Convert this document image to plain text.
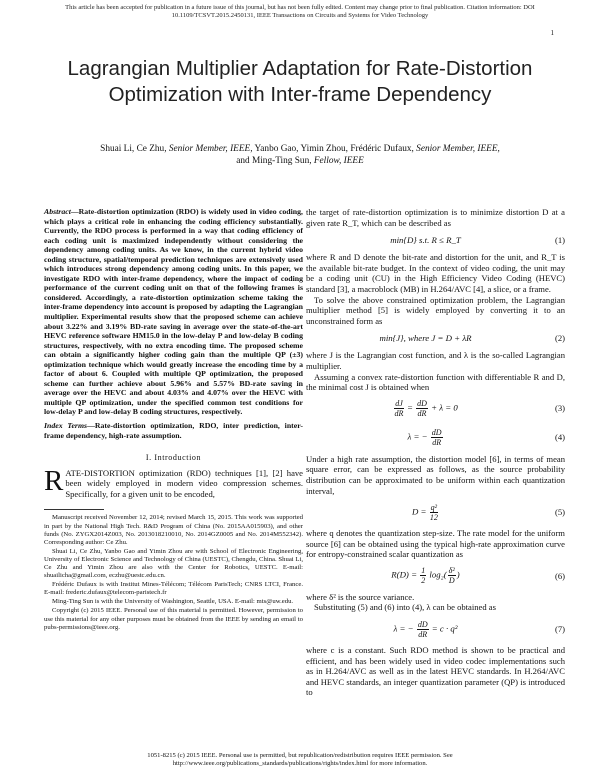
This article has been accepted for publication in a future issue of this journal, but has not been fully edited. Content may change prior to final publication. Citation information: DOI
10.1109/TCSVT.2015.2450131, IEEE Transactions on Circuits and Systems for Video Technology
1
Lagrangian Multiplier Adaptation for Rate-Distortion Optimization with Inter-frame Dependency
Shuai Li, Ce Zhu, Senior Member, IEEE, Yanbo Gao, Yimin Zhou, Frédéric Dufaux, Senior Member, IEEE,
and Ming-Ting Sun, Fellow, IEEE
Abstract—Rate-distortion optimization (RDO) is widely used in video coding, which plays a critical role in enhancing the coding efficiency substantially. Currently, the RDO process is performed in a way that coding efficiency of each coding unit is maximized independently without considering the dependency among coding units. As we know, in the current hybrid video coding structure, spatial/temporal prediction techniques are extensively used which introduces strong dependency among coding units. In this paper, we investigate RDO with inter-frame dependency, where the impact of coding performance of the current coding unit on that of the following frames is considered. Accordingly, a rate-distortion optimization scheme taking the inter-frame dependency into account is proposed by adapting the Lagrangian multiplier. Experimental results show that the proposed scheme can achieve about 3.22% and 3.19% BD-rate saving in average over the state-of-the-art HEVC reference software HM15.0 in the low-delay P and low-delay B coding structures, respectively, with no extra encoding time. The proposed scheme can obtain a significantly higher coding gain than the multiple QP (±3) optimization technique which would greatly increase the encoding time by a factor of about 6. Coupled with multiple QP optimization, the proposed scheme can further achieve about 5.96% and 5.57% BD-rate saving in average over the HEVC and about 4.03% and 4.07% over the HEVC with multiple QP optimization, under the specified common test conditions for low-delay P and low-delay B coding structures, respectively.
Index Terms—Rate-distortion optimization, RDO, inter prediction, inter-frame dependency, high-rate assumption.
I. Introduction
RATE-DISTORTION optimization (RDO) techniques [1], [2] have been widely employed in modern video compression schemes. Specifically, for a given unit to be encoded,

Manuscript received November 12, 2014; revised March 15, 2015. This work was supported in part by the National High Tech. R&D Program of China (No. 2015AA015903), and other funds (No. ZYGX2014Z003, No. 2013018210010, No. 2014GZ0005 and No. 2014M552342). Corresponding author: Ce Zhu.

Shuai Li, Ce Zhu, Yanbo Gao and Yimin Zhou are with School of Electronic Engineering, University of Electronic Science and Technology of China (UESTC), Chengdu, China. Shuai Li, Ce Zhu and Yimin Zhou are also with the Center for Robotics, UESTC. E-mail: shuailicha@gmail.com, eczhu@uestc.edu.cn.

Frédéric Dufaux is with Institut Mines-Télécom; Télécom ParisTech; CNRS LTCI, France. E-mail: frederic.dufaux@telecom-paristech.fr

Ming-Ting Sun is with the University of Washington, Seattle, USA. E-mail: mts@uw.edu.

Copyright (c) 2015 IEEE. Personal use of this material is permitted. However, permission to use this material for any other purposes must be obtained from the IEEE by sending an email to pubs-permissions@ieee.org.

the target of rate-distortion optimization is to minimize distortion D at a given rate R_T, which can be described as

min{D} s.t. R ≤ R_T	(1)

where R and D denote the bit-rate and distortion for the unit, and R_T is the available bit-rate budget. In the context of video coding, the unit may be a coding unit (CU) in the High Efficiency Video Coding (HEVC) standard [3], a macroblock (MB) in H.264/AVC [4], a slice, or a frame.

To solve the above constrained optimization problem, the Lagrangian multiplier method [5] is widely employed by converting it to an unconstrained form as

min{J}, where J = D + λR	(2)

where J is the Lagrangian cost function, and λ is the so-called Lagrangian multiplier.

Assuming a convex rate-distortion function with differentiable R and D, the minimal cost J is obtained when

$\frac{dJ}{dR} = \frac{dD}{dR} + \lambda = 0$	(3)
λ = − $\frac{dD}{dR}$	(4)

Under a high rate assumption, the distortion model [6], in terms of mean square error, can be expressed as follows, as the source probability distribution can be approximated to be uniform within each quantization interval,

$D = \frac{\text{q²}}{12}$	(5)

where q denotes the quantization step-size. The rate model for the uniform source [6] can be obtained using the typical high-rate approximation curve for entropy-constrained scalar quantization as

$R(D) = \frac{1}{2} \log_2( \frac{\text{δ²}}{D}$ )	(6)

where δ² is the source variance.

Substituting (5) and (6) into (4), λ can be obtained as

λ = − $\frac{dD}{dR} = c \cdot q^2$	(7)

where c is a constant. Such RDO method is shown to be practical and efficient, and has been widely used in video codec implementations such as in H.264/AVC as well as in the latest HEVC standards. In H.264/AVC and HEVC standards, an integer quantization parameter (QP) is introduced to

1051-8215 (c) 2015 IEEE. Personal use is permitted, but republication/redistribution requires IEEE permission. See
http://www.ieee.org/publications_standards/publications/rights/index.html for more information.
